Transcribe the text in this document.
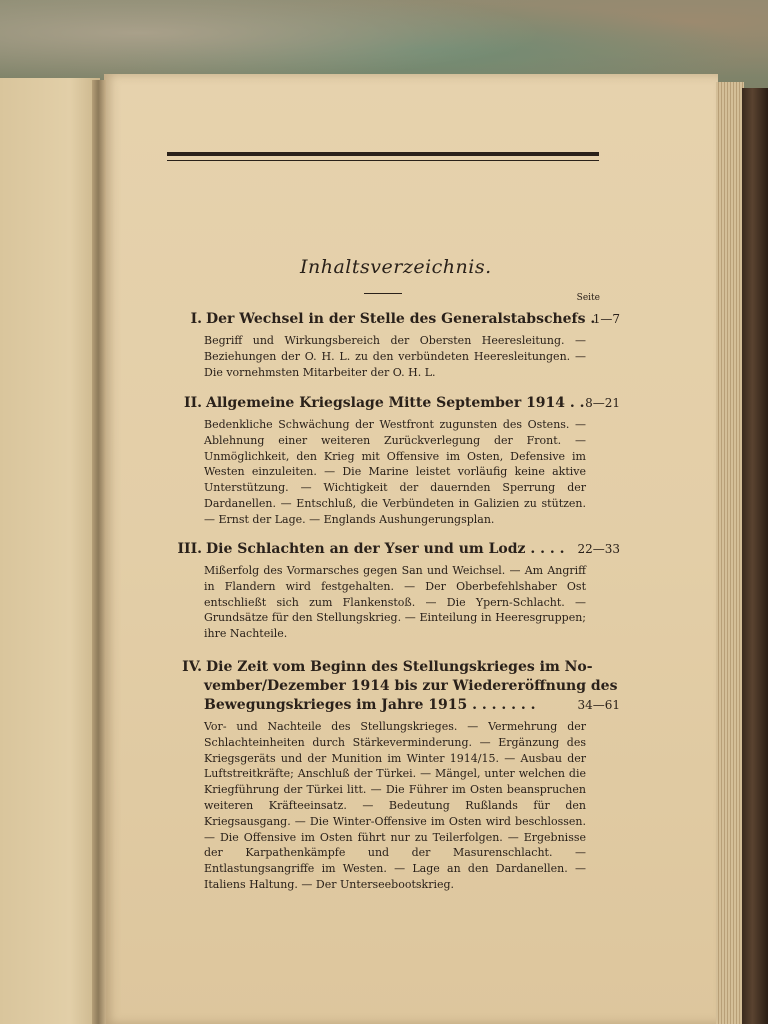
Inhaltsverzeichnis.
Seite
I. Der Wechsel in der Stelle des Generalstabschefs .
1—7
Begriff und Wirkungsbereich der Obersten Heeresleitung. — Beziehungen der O. H. L. zu den verbündeten Heeresleitungen. — Die vornehmsten Mitarbeiter der O. H. L.
II. Allgemeine Kriegslage Mitte September 1914 . . 8—21
Bedenkliche Schwächung der Westfront zugunsten des Ostens. — Ablehnung einer weiteren Zurückverlegung der Front. — Unmöglichkeit, den Krieg mit Offensive im Osten, Defensive im Westen einzuleiten. — Die Marine leistet vorläufig keine aktive Unterstützung. — Wichtigkeit der dauernden Sperrung der Dardanellen. — Entschluß, die Verbündeten in Galizien zu stützen. — Ernst der Lage. — Englands Aushungerungsplan.
III. Die Schlachten an der Yser und um Lodz . . . . 22—33
Mißerfolg des Vormarsches gegen San und Weichsel. — Am Angriff in Flandern wird festgehalten. — Der Oberbefehlshaber Ost entschließt sich zum Flankenstoß. — Die Ypern-Schlacht. — Grundsätze für den Stellungskrieg. — Einteilung in Heeresgruppen; ihre Nachteile.
IV. Die Zeit vom Beginn des Stellungskrieges im No-
vember/Dezember 1914 bis zur Wiedereröffnung des
Bewegungskrieges im Jahre 1915 . . . . . . .	34—61
Vor- und Nachteile des Stellungskrieges. — Vermehrung der Schlachteinheiten durch Stärkeverminderung. — Ergänzung des Kriegsgeräts und der Munition im Winter 1914/15. — Ausbau der Luftstreitkräfte; Anschluß der Türkei. — Mängel, unter welchen die Kriegführung der Türkei litt. — Die Führer im Osten beanspruchen weiteren Kräfteeinsatz. — Bedeutung Rußlands für den Kriegsausgang. — Die Winter-Offensive im Osten wird beschlossen. — Die Offensive im Osten führt nur zu Teilerfolgen. — Ergebnisse der Karpathenkämpfe und der Masurenschlacht. — Entlastungsangriffe im Westen. — Lage an den Dardanellen. — Italiens Haltung. — Der Unterseebootskrieg.
